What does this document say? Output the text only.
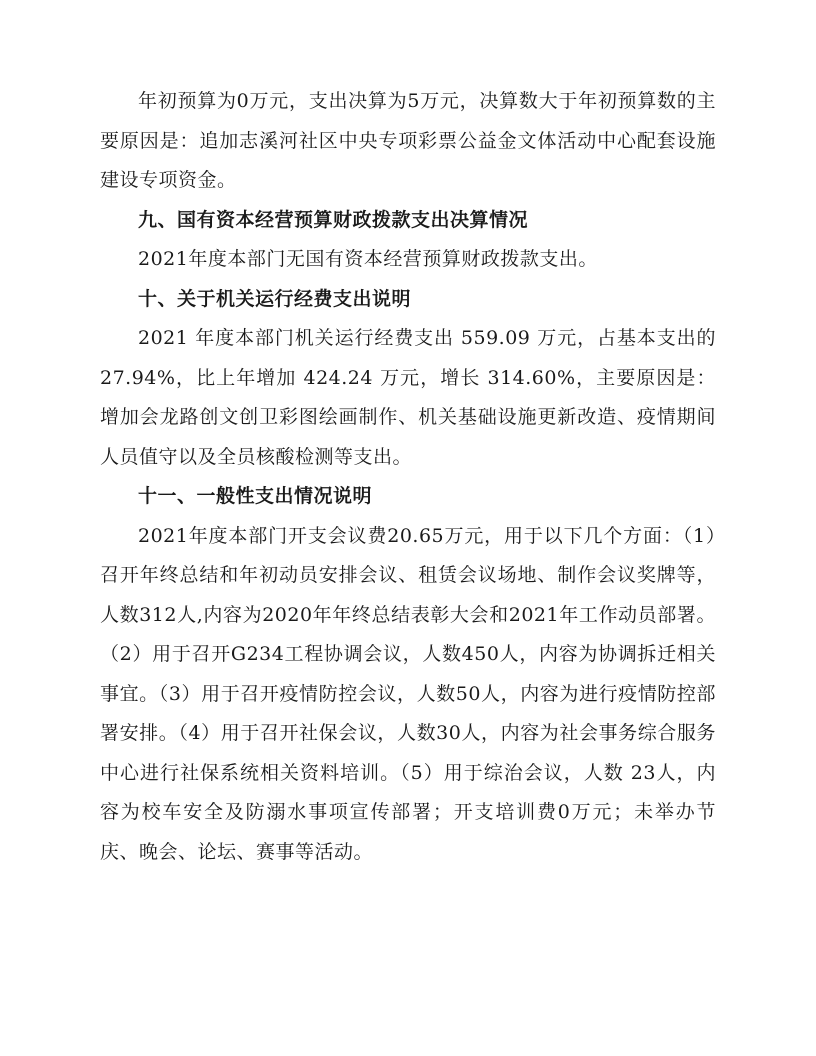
年初预算为0万元，支出决算为5万元，决算数大于年初预算数的主要原因是：追加志溪河社区中央专项彩票公益金文体活动中心配套设施建设专项资金。

九、国有资本经营预算财政拨款支出决算情况

2021年度本部门无国有资本经营预算财政拨款支出。

十、关于机关运行经费支出说明

2021 年度本部门机关运行经费支出 559.09 万元，占基本支出的27.94%，比上年增加 424.24 万元，增长 314.60%，主要原因是：增加会龙路创文创卫彩图绘画制作、机关基础设施更新改造、疫情期间人员值守以及全员核酸检测等支出。

十一、一般性支出情况说明

2021年度本部门开支会议费20.65万元，用于以下几个方面：（1）召开年终总结和年初动员安排会议、租赁会议场地、制作会议奖牌等，人数312人,内容为2020年年终总结表彰大会和2021年工作动员部署。（2）用于召开G234工程协调会议，人数450人，内容为协调拆迁相关事宜。（3）用于召开疫情防控会议，人数50人，内容为进行疫情防控部署安排。（4）用于召开社保会议，人数30人，内容为社会事务综合服务中心进行社保系统相关资料培训。（5）用于综治会议，人数 23人，内容为校车安全及防溺水事项宣传部署；开支培训费0万元；未举办节庆、晚会、论坛、赛事等活动。
